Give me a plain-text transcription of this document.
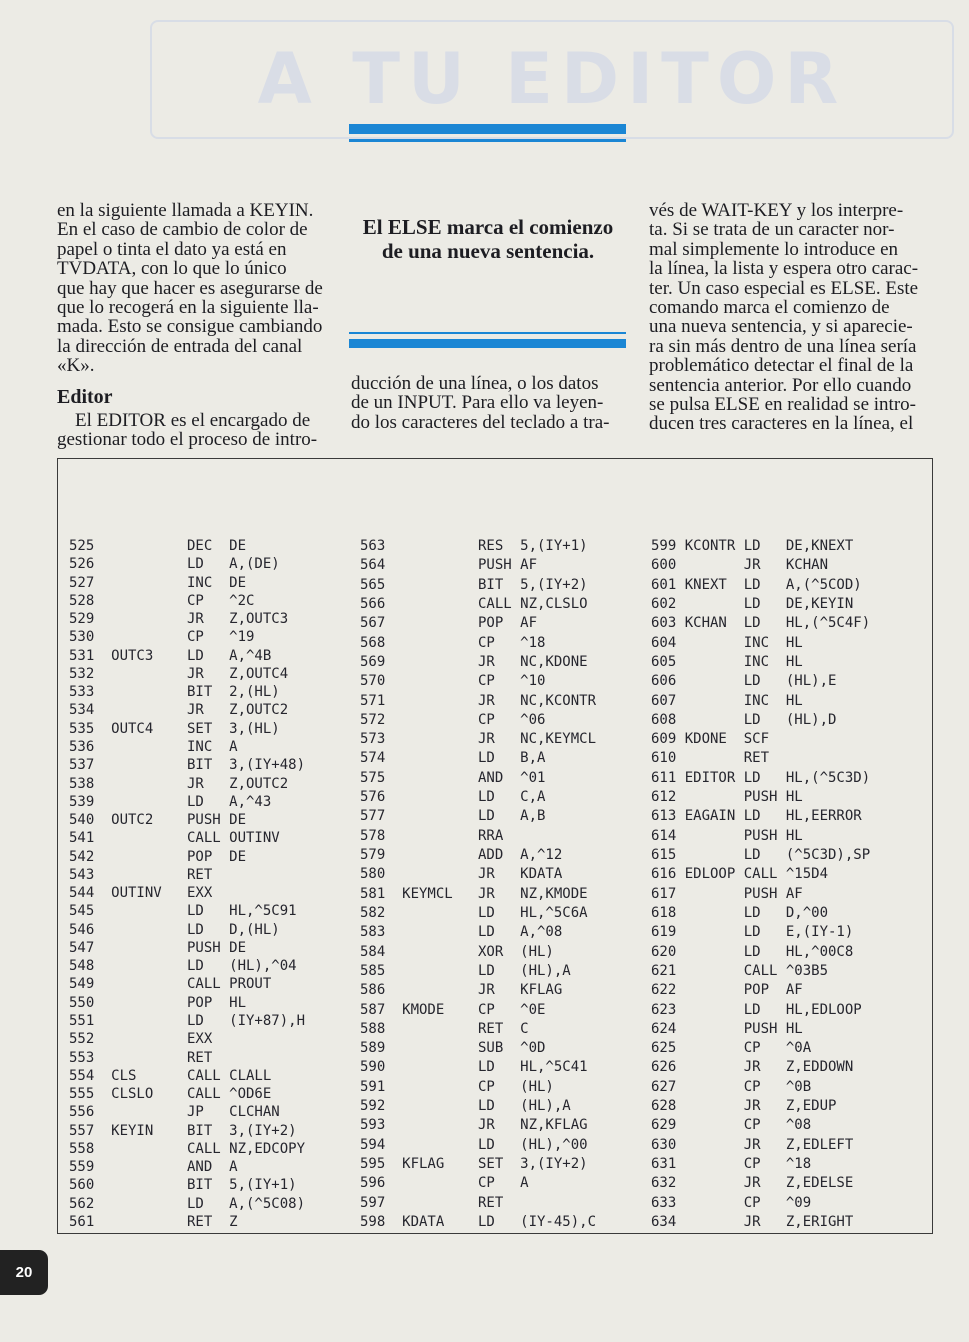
A TU EDITOR

en la siguiente llamada a KEYIN.
En el caso de cambio de color de
papel o tinta el dato ya está en
TVDATA, con lo que lo único
que hay que hacer es asegurarse de
que lo recogerá en la siguiente lla-
mada. Esto se consigue cambiando
la dirección de entrada del canal «K».

Editor

El EDITOR es el encargado de
gestionar todo el proceso de intro-

El ELSE marca el comienzo de una nueva sentencia.

ducción de una línea, o los datos
de un INPUT. Para ello va leyen-
do los caracteres del teclado a tra-

vés de WAIT-KEY y los interpre-
ta. Si se trata de un caracter nor-
mal simplemente lo introduce en
la línea, la lista y espera otro carac-
ter. Un caso especial es ELSE. Este
comando marca el comienzo de
una nueva sentencia, y si aparecie-
ra sin más dentro de una línea sería
problemático detectar el final de la
sentencia anterior. Por ello cuando
se pulsa ELSE en realidad se intro-
ducen tres caracteres en la línea, el

525           DEC  DE
526           LD   A,(DE)
527           INC  DE
528           CP   ^2C
529           JR   Z,OUTC3
530           CP   ^19
531  OUTC3    LD   A,^4B
532           JR   Z,OUTC4
533           BIT  2,(HL)
534           JR   Z,OUTC2
535  OUTC4    SET  3,(HL)
536           INC  A
537           BIT  3,(IY+48)
538           JR   Z,OUTC2
539           LD   A,^43
540  OUTC2    PUSH DE
541           CALL OUTINV
542           POP  DE
543           RET
544  OUTINV   EXX
545           LD   HL,^5C91
546           LD   D,(HL)
547           PUSH DE
548           LD   (HL),^04
549           CALL PROUT
550           POP  HL
551           LD   (IY+87),H
552           EXX
553           RET
554  CLS      CALL CLALL
555  CLSLO    CALL ^OD6E
556           JP   CLCHAN
557  KEYIN    BIT  3,(IY+2)
558           CALL NZ,EDCOPY
559           AND  A
560           BIT  5,(IY+1)
562           LD   A,(^5C08)
561           RET  Z
563           RES  5,(IY+1)
564           PUSH AF
565           BIT  5,(IY+2)
566           CALL NZ,CLSLO
567           POP  AF
568           CP   ^18
569           JR   NC,KDONE
570           CP   ^10
571           JR   NC,KCONTR
572           CP   ^06
573           JR   NC,KEYMCL
574           LD   B,A
575           AND  ^01
576           LD   C,A
577           LD   A,B
578           RRA
579           ADD  A,^12
580           JR   KDATA
581  KEYMCL   JR   NZ,KMODE
582           LD   HL,^5C6A
583           LD   A,^08
584           XOR  (HL)
585           LD   (HL),A
586           JR   KFLAG
587  KMODE    CP   ^0E
588           RET  C
589           SUB  ^0D
590           LD   HL,^5C41
591           CP   (HL)
592           LD   (HL),A
593           JR   NZ,KFLAG
594           LD   (HL),^00
595  KFLAG    SET  3,(IY+2)
596           CP   A
597           RET
598  KDATA    LD   (IY-45),C
599 KCONTR LD   DE,KNEXT
600        JR   KCHAN
601 KNEXT  LD   A,(^5COD)
602        LD   DE,KEYIN
603 KCHAN  LD   HL,(^5C4F)
604        INC  HL
605        INC  HL
606        LD   (HL),E
607        INC  HL
608        LD   (HL),D
609 KDONE  SCF
610        RET
611 EDITOR LD   HL,(^5C3D)
612        PUSH HL
613 EAGAIN LD   HL,EERROR
614        PUSH HL
615        LD   (^5C3D),SP
616 EDLOOP CALL ^15D4
617        PUSH AF
618        LD   D,^00
619        LD   E,(IY-1)
620        LD   HL,^00C8
621        CALL ^03B5
622        POP  AF
623        LD   HL,EDLOOP
624        PUSH HL
625        CP   ^0A
626        JR   Z,EDDOWN
627        CP   ^0B
628        JR   Z,EDUP
629        CP   ^08
630        JR   Z,EDLEFT
631        CP   ^18
632        JR   Z,EDELSE
633        CP   ^09
634        JR   Z,ERIGHT
20
